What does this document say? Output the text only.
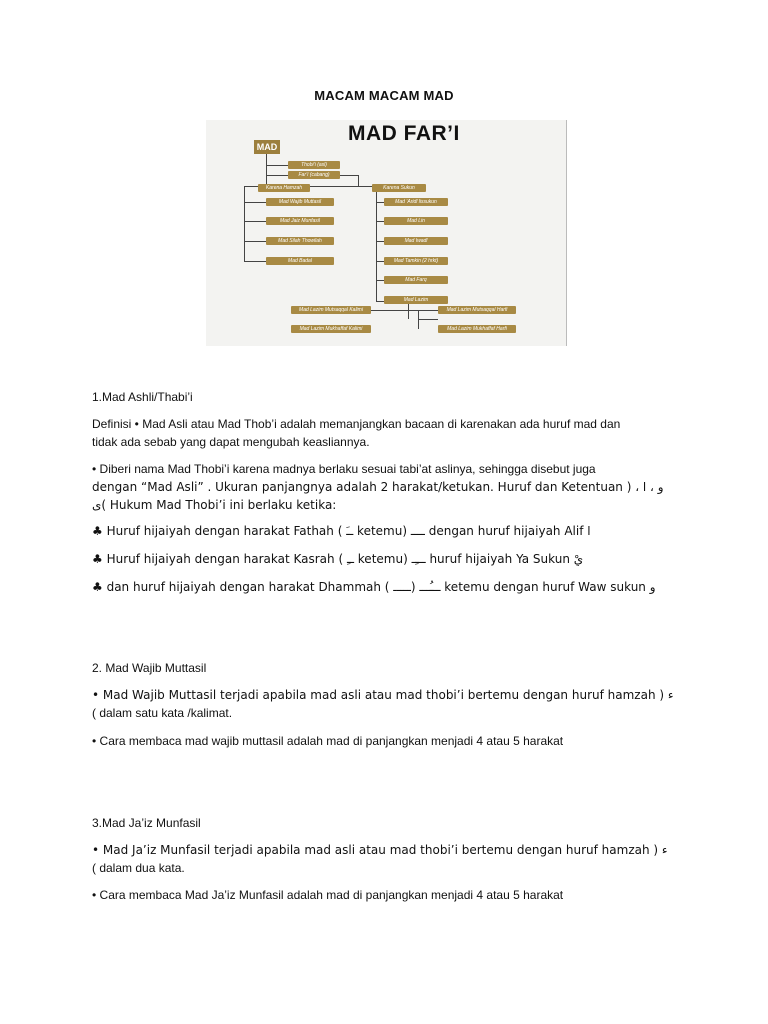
MACAM MACAM MAD
MAD FAR’I
MAD
Thobi’i (asl)
Far’i (cabang)
Karena Hamzah	Karena Sukun
Mad Wajib Muttasil
Mad Jaiz Munfasil
Mad Silah Thowilah
Mad Badal
Mad ‘Aridl lissukun
Mad Lin
Mad Iwadl
Mad Tamkin (2 hrkt)
Mad Farq
Mad Lazim
Mad Lazim Mutsaqqal Kalimi	Mad Lazim Mutsaqqal Harfi
Mad Lazim Mukhaffaf Kalimi	Mad Lazim Mukhaffaf Harfi
1.Mad Ashli/Thabi’i

Definisi • Mad Asli atau Mad Thob’i adalah memanjangkan bacaan di karenakan ada huruf mad dan

tidak ada sebab yang dapat mengubah keasliannya.

• Diberi nama Mad Thobi’i karena madnya berlaku sesuai tabi’at aslinya, sehingga disebut juga

dengan “Mad Asli” . Ukuran panjangnya adalah 2 harakat/ketukan. Huruf dan Ketentuan ) ، و ، ا

ى( Hukum Mad Thobi’i ini berlaku ketika:

♣ Huruf hijaiyah dengan harakat Fathah ( ــَ ketemu) ــــ dengan huruf hijaiyah Alif ا
♣ Huruf hijaiyah dengan harakat Kasrah ( ــِ ketemu) ـــِـ huruf hijaiyah Ya Sukun يْ
♣ dan huruf hijaiyah dengan harakat Dhammah ( ـــــ) ـــُـــ ketemu dengan huruf Waw sukun و
2. Mad Wajib Muttasil

• Mad Wajib Muttasil terjadi apabila mad asli atau mad thobi’i bertemu dengan huruf hamzah ) ء

( dalam satu kata /kalimat.

• Cara membaca mad wajib muttasil adalah mad di panjangkan menjadi 4 atau 5 harakat
3.Mad Ja’iz Munfasil

• Mad Ja’iz Munfasil terjadi apabila mad asli atau mad thobi’i bertemu dengan huruf hamzah ) ء

( dalam dua kata.

• Cara membaca Mad Ja’iz Munfasil adalah mad di panjangkan menjadi 4 atau 5 harakat
